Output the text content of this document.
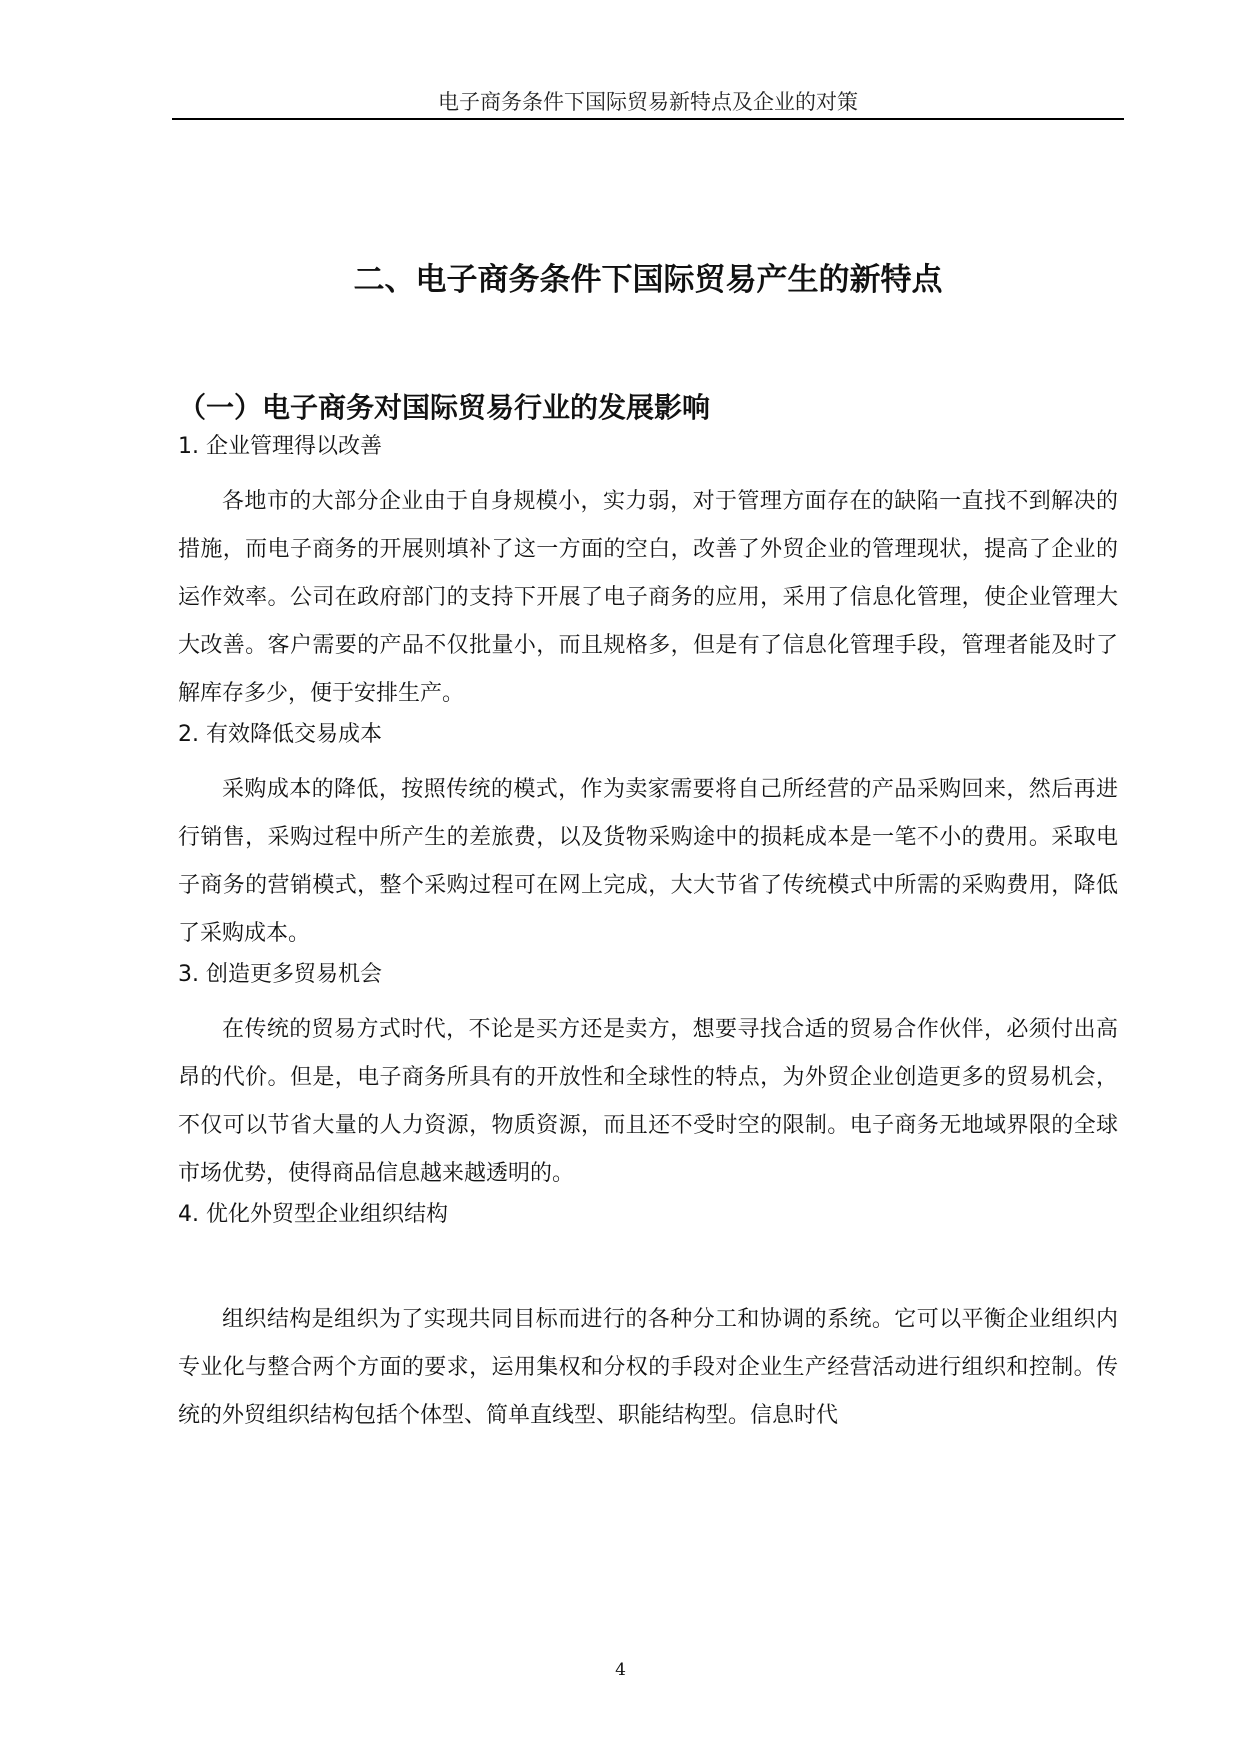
电子商务条件下国际贸易新特点及企业的对策
二、电子商务条件下国际贸易产生的新特点
（一）电子商务对国际贸易行业的发展影响

1. 企业管理得以改善

各地市的大部分企业由于自身规模小，实力弱，对于管理方面存在的缺陷一直找不到解决的措施，而电子商务的开展则填补了这一方面的空白，改善了外贸企业的管理现状，提高了企业的运作效率。公司在政府部门的支持下开展了电子商务的应用，采用了信息化管理，使企业管理大大改善。客户需要的产品不仅批量小，而且规格多，但是有了信息化管理手段，管理者能及时了解库存多少，便于安排生产。

2. 有效降低交易成本

采购成本的降低，按照传统的模式，作为卖家需要将自己所经营的产品采购回来，然后再进行销售，采购过程中所产生的差旅费，以及货物采购途中的损耗成本是一笔不小的费用。采取电子商务的营销模式，整个采购过程可在网上完成，大大节省了传统模式中所需的采购费用，降低了采购成本。

3. 创造更多贸易机会

在传统的贸易方式时代，不论是买方还是卖方，想要寻找合适的贸易合作伙伴，必须付出高昂的代价。但是，电子商务所具有的开放性和全球性的特点，为外贸企业创造更多的贸易机会，不仅可以节省大量的人力资源，物质资源，而且还不受时空的限制。电子商务无地域界限的全球市场优势，使得商品信息越来越透明的。

4. 优化外贸型企业组织结构

组织结构是组织为了实现共同目标而进行的各种分工和协调的系统。它可以平衡企业组织内专业化与整合两个方面的要求，运用集权和分权的手段对企业生产经营活动进行组织和控制。传统的外贸组织结构包括个体型、简单直线型、职能结构型。信息时代

4
